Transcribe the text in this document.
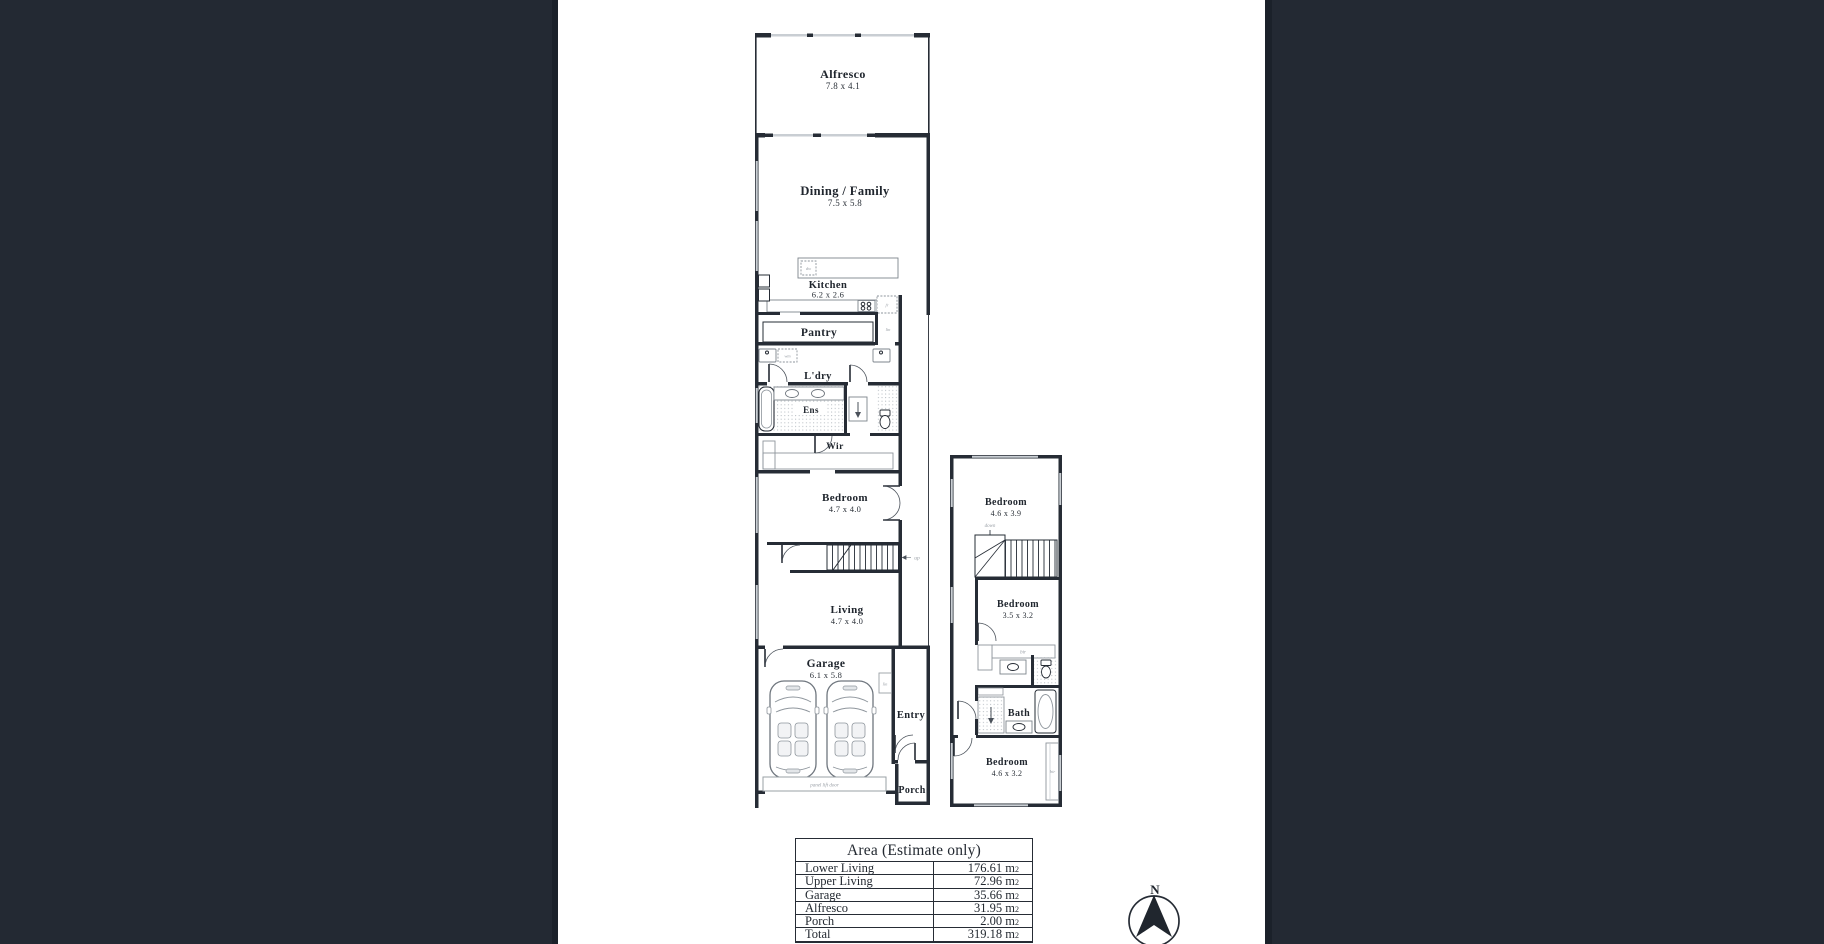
dw
fr
lin
wm
up
panel lift door
lin
Alfresco
7.8 x 4.1
Dining / Family
7.5 x 5.8
Kitchen
6.2 x 2.6
Pantry
L'dry
Ens
Wir
Bedroom
4.7 x 4.0
Living
4.7 x 4.0
Garage
6.1 x 5.8
Entry
Porch
down
bir
bir
Bedroom
4.6 x 3.9
Bedroom
3.5 x 3.2
Bath
Bedroom
4.6 x 3.2
Area (Estimate only)
Lower Living	176.61 m2
Upper Living	72.96 m2
Garage	35.66 m2
Alfresco	31.95 m2
Porch	2.00 m2
Total	319.18 m2
N
